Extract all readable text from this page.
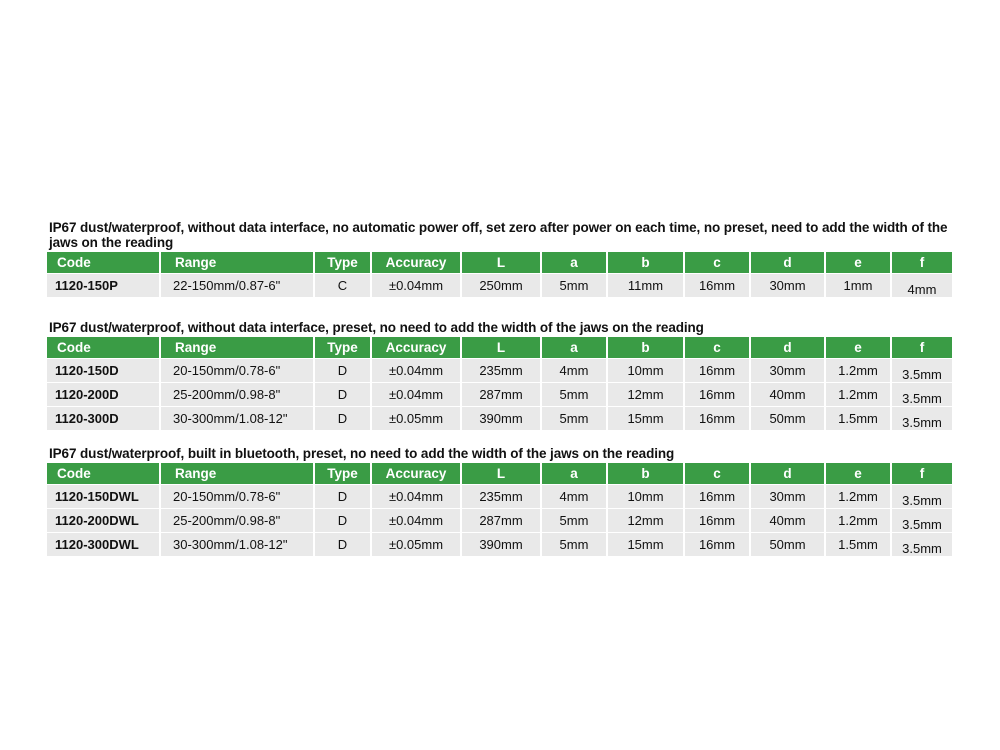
IP67 dust/waterproof, without data interface, no automatic power off, set zero after power on each time, no preset, need to add the width of the jaws on the reading
Code	Range	Type	Accuracy	L	a	b	c	d	e	f
1120-150P	22-150mm/0.87-6"	C	±0.04mm	250mm	5mm	11mm	16mm	30mm	1mm	4mm
IP67 dust/waterproof, without data interface, preset, no need to add the width of the jaws on the reading
Code	Range	Type	Accuracy	L	a	b	c	d	e	f
1120-150D	20-150mm/0.78-6"	D	±0.04mm	235mm	4mm	10mm	16mm	30mm	1.2mm	3.5mm
1120-200D	25-200mm/0.98-8"	D	±0.04mm	287mm	5mm	12mm	16mm	40mm	1.2mm	3.5mm
1120-300D	30-300mm/1.08-12"	D	±0.05mm	390mm	5mm	15mm	16mm	50mm	1.5mm	3.5mm
IP67 dust/waterproof, built in bluetooth, preset, no need to add the width of the jaws on the reading
Code	Range	Type	Accuracy	L	a	b	c	d	e	f
1120-150DWL	20-150mm/0.78-6"	D	±0.04mm	235mm	4mm	10mm	16mm	30mm	1.2mm	3.5mm
1120-200DWL	25-200mm/0.98-8"	D	±0.04mm	287mm	5mm	12mm	16mm	40mm	1.2mm	3.5mm
1120-300DWL	30-300mm/1.08-12"	D	±0.05mm	390mm	5mm	15mm	16mm	50mm	1.5mm	3.5mm
